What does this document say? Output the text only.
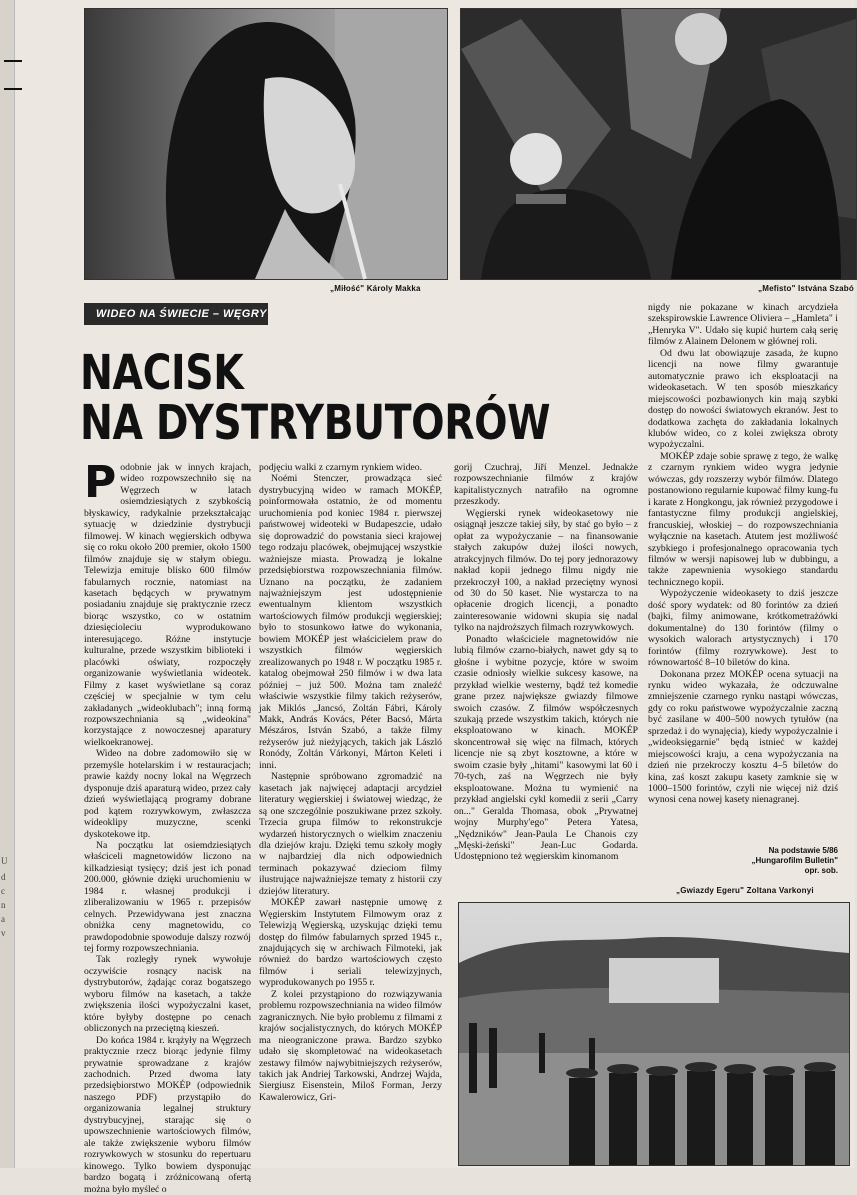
U
d
c
n
a
v
„Miłość" Károly Makka	„Mefisto" Istvána Szabó
WIDEO NA ŚWIECIE – WĘGRY
NACISK
NA DYSTRYBUTORÓW
P odobnie jak w innych krajach, wideo rozpowszechniło się na Węgrzech w latach osiemdziesiątych z szybkością błyskawicy, radykalnie przekształcając sytuację w dziedzinie dystrybucji filmowej. W kinach węgierskich odbywa się co roku około 200 premier, około 1500 filmów znajduje się w stałym obiegu. Telewizja emituje blisko 600 filmów fabularnych rocznie, natomiast na kasetach będących w prywatnym posiadaniu znajduje się praktycznie rzecz biorąc wszystko, co w ostatnim dziesięcioleciu wyprodukowano interesującego. Różne instytucje kulturalne, przede wszystkim biblioteki i placówki oświaty, rozpoczęły organizowanie wyświetlania wideotek. Filmy z kaset wyświetlane są coraz częściej w specjalnie w tym celu zakładanych „wideoklubach"; inną formą rozpowszechniania są „wideokina" korzystające z nowoczesnej aparatury wielkoekranowej.

Wideo na dobre zadomowiło się w przemyśle hotelarskim i w restauracjach; prawie każdy nocny lokal na Węgrzech dysponuje dziś aparaturą wideo, przez cały dzień wyświetlającą programy dobrane pod kątem rozrywkowym, zwłaszcza wideoklipy muzyczne, scenki dyskotekowe itp.

Na początku lat osiemdziesiątych właściceli magnetowidów liczono na kilkadziesiąt tysięcy; dziś jest ich ponad 200.000, głównie dzięki uruchomieniu w 1984 r. własnej produkcji i zliberalizowaniu w 1965 r. przepisów celnych. Przewidywana jest znaczna obniżka ceny magnetowidu, co prawdopodobnie spowoduje dalszy rozwój tej formy rozpowszechniania.

Tak rozległy rynek wywołuje oczywiście rosnący nacisk na dystrybutorów, żądając coraz bogatszego wyboru filmów na kasetach, a także zwiększenia ilości wypożyczalni kaset, które byłyby dostępne po cenach obliczonych na przeciętną kieszeń.

Do końca 1984 r. krążyły na Węgrzech praktycznie rzecz biorąc jedynie filmy prywatnie sprowadzane z krajów zachodnich. Przed dwoma laty przedsiębiorstwo MOKÉP (odpowiednik naszego PDF) przystąpiło do organizowania legalnej struktury dystrybucyjnej, starając się o upowszechnienie wartościowych filmów, ale także zwiększenie wyboru filmów rozrywkowych w stosunku do repertuaru kinowego. Tylko bowiem dysponując bardzo bogatą i zróżnicowaną ofertą można było myśleć o

podjęciu walki z czarnym rynkiem wideo.

Noémi Stenczer, prowadząca sieć dystrybucyjną wideo w ramach MOKÉP, poinformowała ostatnio, że od momentu uruchomienia pod koniec 1984 r. pierwszej państwowej wideoteki w Budapeszcie, udało się doprowadzić do powstania sieci krajowej tego rodzaju placówek, obejmującej wszystkie ważniejsze miasta. Prowadzą je lokalne przedsiębiorstwa rozpowszechniania filmów. Uznano na początku, że zadaniem najważniejszym jest udostępnienie ewentualnym klientom wszystkich wartościowych filmów produkcji węgierskiej; było to stosunkowo łatwe do wykonania, bowiem MOKÉP jest właścicielem praw do wszystkich filmów węgierskich zrealizowanych po 1948 r. W początku 1985 r. katalog obejmował 250 filmów i w dwa lata później – już 500. Można tam znaleźć właściwie wszystkie filmy takich reżyserów, jak Miklós „Jancsó, Zoltán Fábri, Károly Makk, András Kovács, Péter Bacsó, Márta Mészáros, István Szabó, a także filmy reżyserów już nieżyjących, takich jak László Ronódy, Zoltán Várkonyi, Márton Keleti i inni.

Następnie spróbowano zgromadzić na kasetach jak najwięcej adaptacji arcydzieł literatury węgierskiej i światowej wiedząc, że są one szczególnie poszukiwane przez szkoły. Trzecia grupa filmów to rekonstrukcje wydarzeń historycznych o wielkim znaczeniu dla dziejów kraju. Dzięki temu szkoły mogły w najbardziej dla nich odpowiednich terminach pokazywać dzieciom filmy ilustrujące najważniejsze tematy z historii czy dziejów literatury.

MOKÉP zawarł następnie umowę z Węgierskim Instytutem Filmowym oraz z Telewizją Węgierską, uzyskując dzięki temu dostęp do filmów fabularnych sprzed 1945 r., znajdujących się w archiwach Filmoteki, jak również do bardzo wartościowych często filmów i seriali telewizyjnych, wyprodukowanych po 1955 r.

Z kolei przystąpiono do rozwiązywania problemu rozpowszechniania na wideo filmów zagranicznych. Nie było problemu z filmami z krajów socjalistycznych, do których MOKÉP ma nieograniczone prawa. Bardzo szybko udało się skompletować na wideokasetach zestawy filmów najwybitniejszych reżyserów, takich jak Andriej Tarkowski, Andrzej Wajda, Siergiusz Eisenstein, Miloš Forman, Jerzy Kawalerowicz, Gri-

gorij Czuchraj, Jiří Menzel. Jednakże rozpowszechnianie filmów z krajów kapitalistycznych natrafiło na ogromne przeszkody.

Węgierski rynek wideokasetowy nie osiągnął jeszcze takiej siły, by stać go było – z opłat za wypożyczanie – na finansowanie stałych zakupów dużej ilości nowych, atrakcyjnych filmów. Do tej pory jednorazowy nakład kopii jednego filmu nigdy nie przekroczył 100, a nakład przeciętny wynosi od 30 do 50 kaset. Nie wystarcza to na opłacenie drogich licencji, a ponadto zainteresowanie widowni skupia się nadal tylko na najdroższych filmach rozrywkowych.

Ponadto właściciele magnetowidów nie lubią filmów czarno-białych, nawet gdy są to głośne i wybitne pozycje, które w swoim czasie odniosły wielkie sukcesy kasowe, na przykład wielkie westerny, bądź też komedie grane przez największe gwiazdy filmowe swoich czasów. Z filmów współczesnych szukają przede wszystkim takich, których nie eksploatowano w kinach. MOKÉP skoncentrował się więc na filmach, których licencje nie są zbyt kosztowne, a które w swoim czasie były „hitami" kasowymi lat 60 i 70-tych, zaś na Węgrzech nie były eksploatowane. Można tu wymienić na przykład angielski cykl komedii z serii „Carry on..." Geralda Thomasa, obok „Prywatnej wojny Murphy'ego" Petera Yatesa, „Nędzników" Jean-Paula Le Chanois czy „Męski-żeński" Jean-Luc Godarda. Udostępniono też węgierskim kinomanom

nigdy nie pokazane w kinach arcydzieła szekspirowskie Lawrence Oliviera – „Hamleta" i „Henryka V". Udało się kupić hurtem całą serię filmów z Alainem Delonem w głównej roli.

Od dwu lat obowiązuje zasada, że kupno licencji na nowe filmy gwarantuje automatycznie prawo ich eksploatacji na wideokasetach. W ten sposób mieszkańcy miejscowości pozbawionych kin mają szybki dostęp do nowości światowych ekranów. Jest to dodatkowa zachęta do zakładania lokalnych klubów wideo, co z kolei zwiększa obroty wypożyczalni.

MOKÉP zdaje sobie sprawę z tego, że walkę z czarnym rynkiem wideo wygra jedynie wówczas, gdy rozszerzy wybór filmów. Dlatego postanowiono regularnie kupować filmy kung-fu i karate z Hongkongu, jak również przygodowe i fantastyczne filmy produkcji angielskiej, francuskiej, włoskiej – do rozpowszechniania wyłącznie na kasetach. Atutem jest możliwość szybkiego i profesjonalnego opracowania tych filmów w wersji napisowej lub w dubbingu, a także zapewnienia wysokiego standardu technicznego kopii.

Wypożyczenie wideokasety to dziś jeszcze dość spory wydatek: od 80 forintów za dzień (bajki, filmy animowane, krótkometrażówki dokumentalne) do 130 forintów (filmy o wysokich walorach artystycznych) i 170 forintów (filmy rozrywkowe). Jest to równowartość 8–10 biletów do kina.

Dokonana przez MOKÉP ocena sytuacji na rynku wideo wykazała, że odczuwalne zmniejszenie czarnego rynku nastąpi wówczas, gdy co roku państwowe wypożyczalnie zaczną być zasilane w 400–500 nowych tytułów (na sprzedaż i do wynajęcia), kiedy wypożyczalnie i „wideoksięgarnie" będą istnieć w każdej miejscowości kraju, a cena wypożyczania na dzień nie przekroczy kosztu 4–5 biletów do kina, zaś koszt zakupu kasety zamknie się w 1000–1500 forintów, czyli nie więcej niż dziś wynosi cena nowej kasety nienagranej.

Na podstawie 5/86
„Hungarofilm Bulletin"
opr. sob.
„Gwiazdy Egeru" Zoltana Varkonyi
